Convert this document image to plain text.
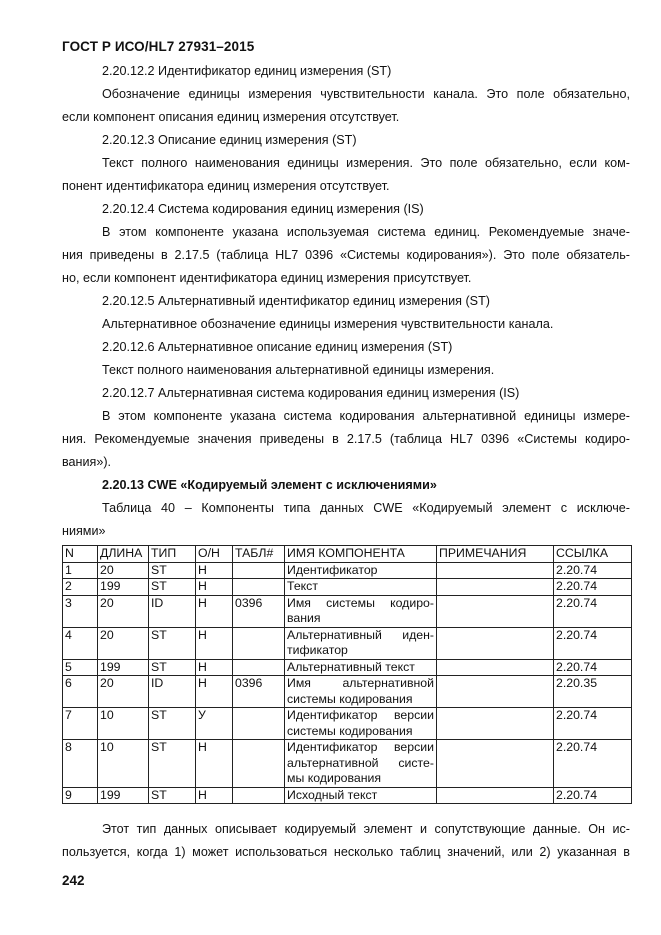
ГОСТ Р ИСО/HL7 27931–2015
2.20.12.2 Идентификатор единиц измерения (ST)
Обозначение единицы измерения чувствительности канала. Это поле обязательно,
если компонент описания единиц измерения отсутствует.
2.20.12.3 Описание единиц измерения (ST)
Текст полного наименования единицы измерения. Это поле обязательно, если ком-
понент идентификатора единиц измерения отсутствует.
2.20.12.4 Система кодирования единиц измерения (IS)
В этом компоненте указана используемая система единиц. Рекомендуемые значе-
ния приведены в 2.17.5 (таблица HL7 0396 «Системы кодирования»). Это поле обязатель-
но, если компонент идентификатора единиц измерения присутствует.
2.20.12.5 Альтернативный идентификатор единиц измерения (ST)
Альтернативное обозначение единицы измерения чувствительности канала.
2.20.12.6 Альтернативное описание единиц измерения (ST)
Текст полного наименования альтернативной единицы измерения.
2.20.12.7 Альтернативная система кодирования единиц измерения (IS)
В этом компоненте указана система кодирования альтернативной единицы измере-
ния. Рекомендуемые значения приведены в 2.17.5 (таблица HL7 0396 «Системы кодиро-
вания»).
2.20.13 CWE «Кодируемый элемент с исключениями»
Таблица 40 – Компоненты типа данных CWE «Кодируемый элемент с исключе-
ниями»
N	ДЛИНА	ТИП	О/Н	ТАБЛ#	ИМЯ КОМПОНЕНТА	ПРИМЕЧАНИЯ	ССЫЛКА
1	20	ST	Н		Идентификатор		2.20.74
2	199	ST	Н		Текст		2.20.74
3	20	ID	Н	0396	Имя системы кодиро-
вания		2.20.74
4	20	ST	Н		Альтернативный иден-
тификатор		2.20.74
5	199	ST	Н		Альтернативный текст		2.20.74
6	20	ID	Н	0396	Имя альтернативной
системы кодирования		2.20.35
7	10	ST	У		Идентификатор версии
системы кодирования		2.20.74
8	10	ST	Н		Идентификатор версии
альтернативной систе-
мы кодирования		2.20.74
9	199	ST	Н		Исходный текст		2.20.74
Этот тип данных описывает кодируемый элемент и сопутствующие данные. Он ис-
пользуется, когда 1) может использоваться несколько таблиц значений, или 2) указанная в
242
